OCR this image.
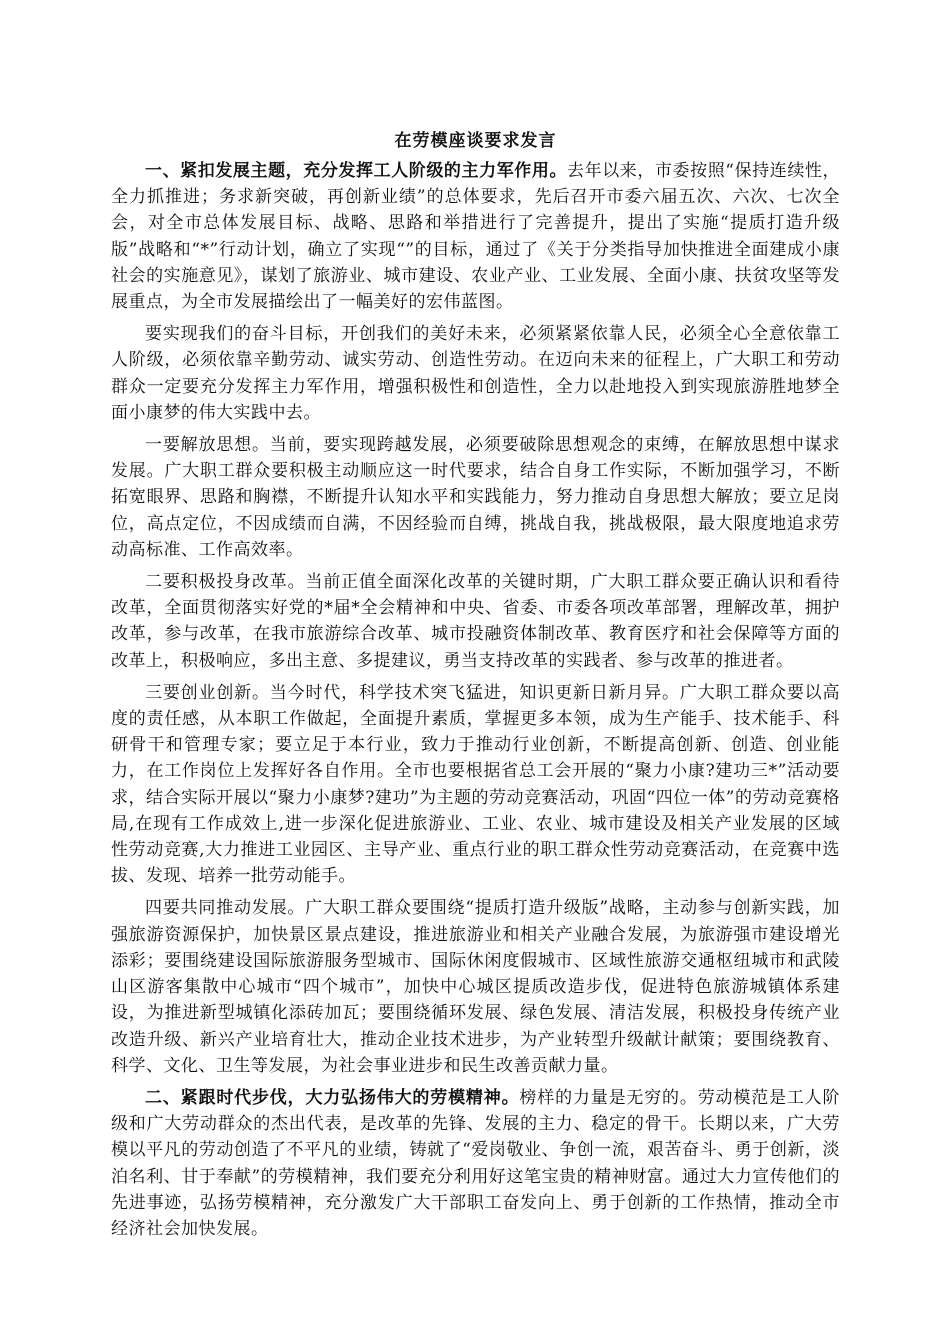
在劳模座谈要求发言

一、紧扣发展主题，充分发挥工人阶级的主力军作用。去年以来，市委按照“保持连续性，全力抓推进；务求新突破，再创新业绩”的总体要求，先后召开市委六届五次、六次、七次全会，对全市总体发展目标、战略、思路和举措进行了完善提升，提出了实施“提质打造升级版”战略和“*”行动计划，确立了实现“”的目标，通过了《关于分类指导加快推进全面建成小康社会的实施意见》，谋划了旅游业、城市建设、农业产业、工业发展、全面小康、扶贫攻坚等发展重点，为全市发展描绘出了一幅美好的宏伟蓝图。

要实现我们的奋斗目标，开创我们的美好未来，必须紧紧依靠人民，必须全心全意依靠工人阶级，必须依靠辛勤劳动、诚实劳动、创造性劳动。在迈向未来的征程上，广大职工和劳动群众一定要充分发挥主力军作用，增强积极性和创造性，全力以赴地投入到实现旅游胜地梦全面小康梦的伟大实践中去。

一要解放思想。当前，要实现跨越发展，必须要破除思想观念的束缚，在解放思想中谋求发展。广大职工群众要积极主动顺应这一时代要求，结合自身工作实际，不断加强学习，不断拓宽眼界、思路和胸襟，不断提升认知水平和实践能力，努力推动自身思想大解放；要立足岗位，高点定位，不因成绩而自满，不因经验而自缚，挑战自我，挑战极限，最大限度地追求劳动高标准、工作高效率。

二要积极投身改革。当前正值全面深化改革的关键时期，广大职工群众要正确认识和看待改革，全面贯彻落实好党的*届*全会精神和中央、省委、市委各项改革部署，理解改革，拥护改革，参与改革，在我市旅游综合改革、城市投融资体制改革、教育医疗和社会保障等方面的改革上，积极响应，多出主意、多提建议，勇当支持改革的实践者、参与改革的推进者。

三要创业创新。当今时代，科学技术突飞猛进，知识更新日新月异。广大职工群众要以高度的责任感，从本职工作做起，全面提升素质，掌握更多本领，成为生产能手、技术能手、科研骨干和管理专家；要立足于本行业，致力于推动行业创新，不断提高创新、创造、创业能力，在工作岗位上发挥好各自作用。全市也要根据省总工会开展的“聚力小康?建功三*”活动要求，结合实际开展以“聚力小康梦?建功”为主题的劳动竞赛活动，巩固“四位一体”的劳动竞赛格局,在现有工作成效上,进一步深化促进旅游业、工业、农业、城市建设及相关产业发展的区域性劳动竞赛,大力推进工业园区、主导产业、重点行业的职工群众性劳动竞赛活动，在竞赛中选拔、发现、培养一批劳动能手。

四要共同推动发展。广大职工群众要围绕“提质打造升级版”战略，主动参与创新实践，加强旅游资源保护，加快景区景点建设，推进旅游业和相关产业融合发展，为旅游强市建设增光添彩；要围绕建设国际旅游服务型城市、国际休闲度假城市、区域性旅游交通枢纽城市和武陵山区游客集散中心城市“四个城市”，加快中心城区提质改造步伐，促进特色旅游城镇体系建设，为推进新型城镇化添砖加瓦；要围绕循环发展、绿色发展、清洁发展，积极投身传统产业改造升级、新兴产业培育壮大，推动企业技术进步，为产业转型升级献计献策；要围绕教育、科学、文化、卫生等发展，为社会事业进步和民生改善贡献力量。

二、紧跟时代步伐，大力弘扬伟大的劳模精神。榜样的力量是无穷的。劳动模范是工人阶级和广大劳动群众的杰出代表，是改革的先锋、发展的主力、稳定的骨干。长期以来，广大劳模以平凡的劳动创造了不平凡的业绩，铸就了“爱岗敬业、争创一流，艰苦奋斗、勇于创新，淡泊名利、甘于奉献”的劳模精神，我们要充分利用好这笔宝贵的精神财富。通过大力宣传他们的先进事迹，弘扬劳模精神，充分激发广大干部职工奋发向上、勇于创新的工作热情，推动全市经济社会加快发展。
